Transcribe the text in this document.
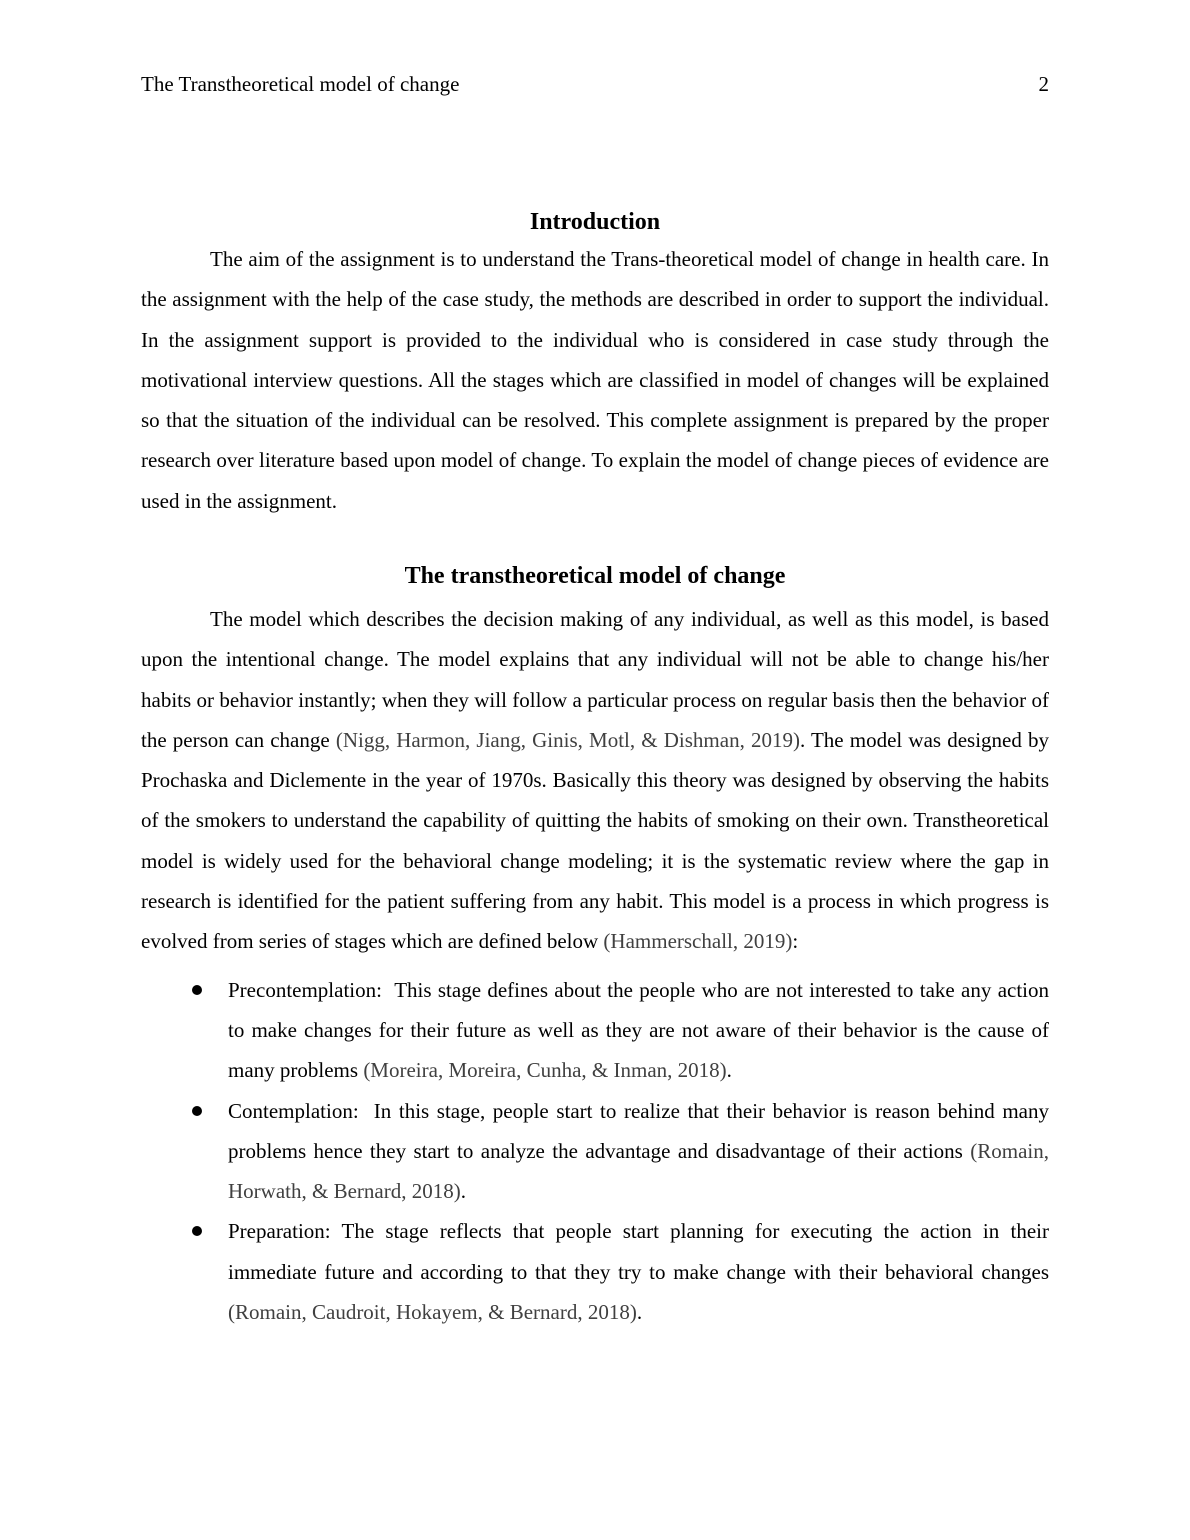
The Transtheoretical model of change	2
Introduction

The aim of the assignment is to understand the Trans-theoretical model of change in health care. In the assignment with the help of the case study, the methods are described in order to support the individual. In the assignment support is provided to the individual who is considered in case study through the motivational interview questions. All the stages which are classified in model of changes will be explained so that the situation of the individual can be resolved. This complete assignment is prepared by the proper research over literature based upon model of change. To explain the model of change pieces of evidence are used in the assignment.

The transtheoretical model of change

The model which describes the decision making of any individual, as well as this model, is based upon the intentional change. The model explains that any individual will not be able to change his/her habits or behavior instantly; when they will follow a particular process on regular basis then the behavior of the person can change (Nigg, Harmon, Jiang, Ginis, Motl, & Dishman, 2019). The model was designed by Prochaska and Diclemente in the year of 1970s. Basically this theory was designed by observing the habits of the smokers to understand the capability of quitting the habits of smoking on their own. Transtheoretical model is widely used for the behavioral change modeling; it is the systematic review where the gap in research is identified for the patient suffering from any habit. This model is a process in which progress is evolved from series of stages which are defined below (Hammerschall, 2019):

Precontemplation:  This stage defines about the people who are not interested to take any action to make changes for their future as well as they are not aware of their behavior is the cause of many problems (Moreira, Moreira, Cunha, & Inman, 2018).
Contemplation:  In this stage, people start to realize that their behavior is reason behind many problems hence they start to analyze the advantage and disadvantage of their actions (Romain, Horwath, & Bernard, 2018).
Preparation: The stage reflects that people start planning for executing the action in their immediate future and according to that they try to make change with their behavioral changes (Romain, Caudroit, Hokayem, & Bernard, 2018).
